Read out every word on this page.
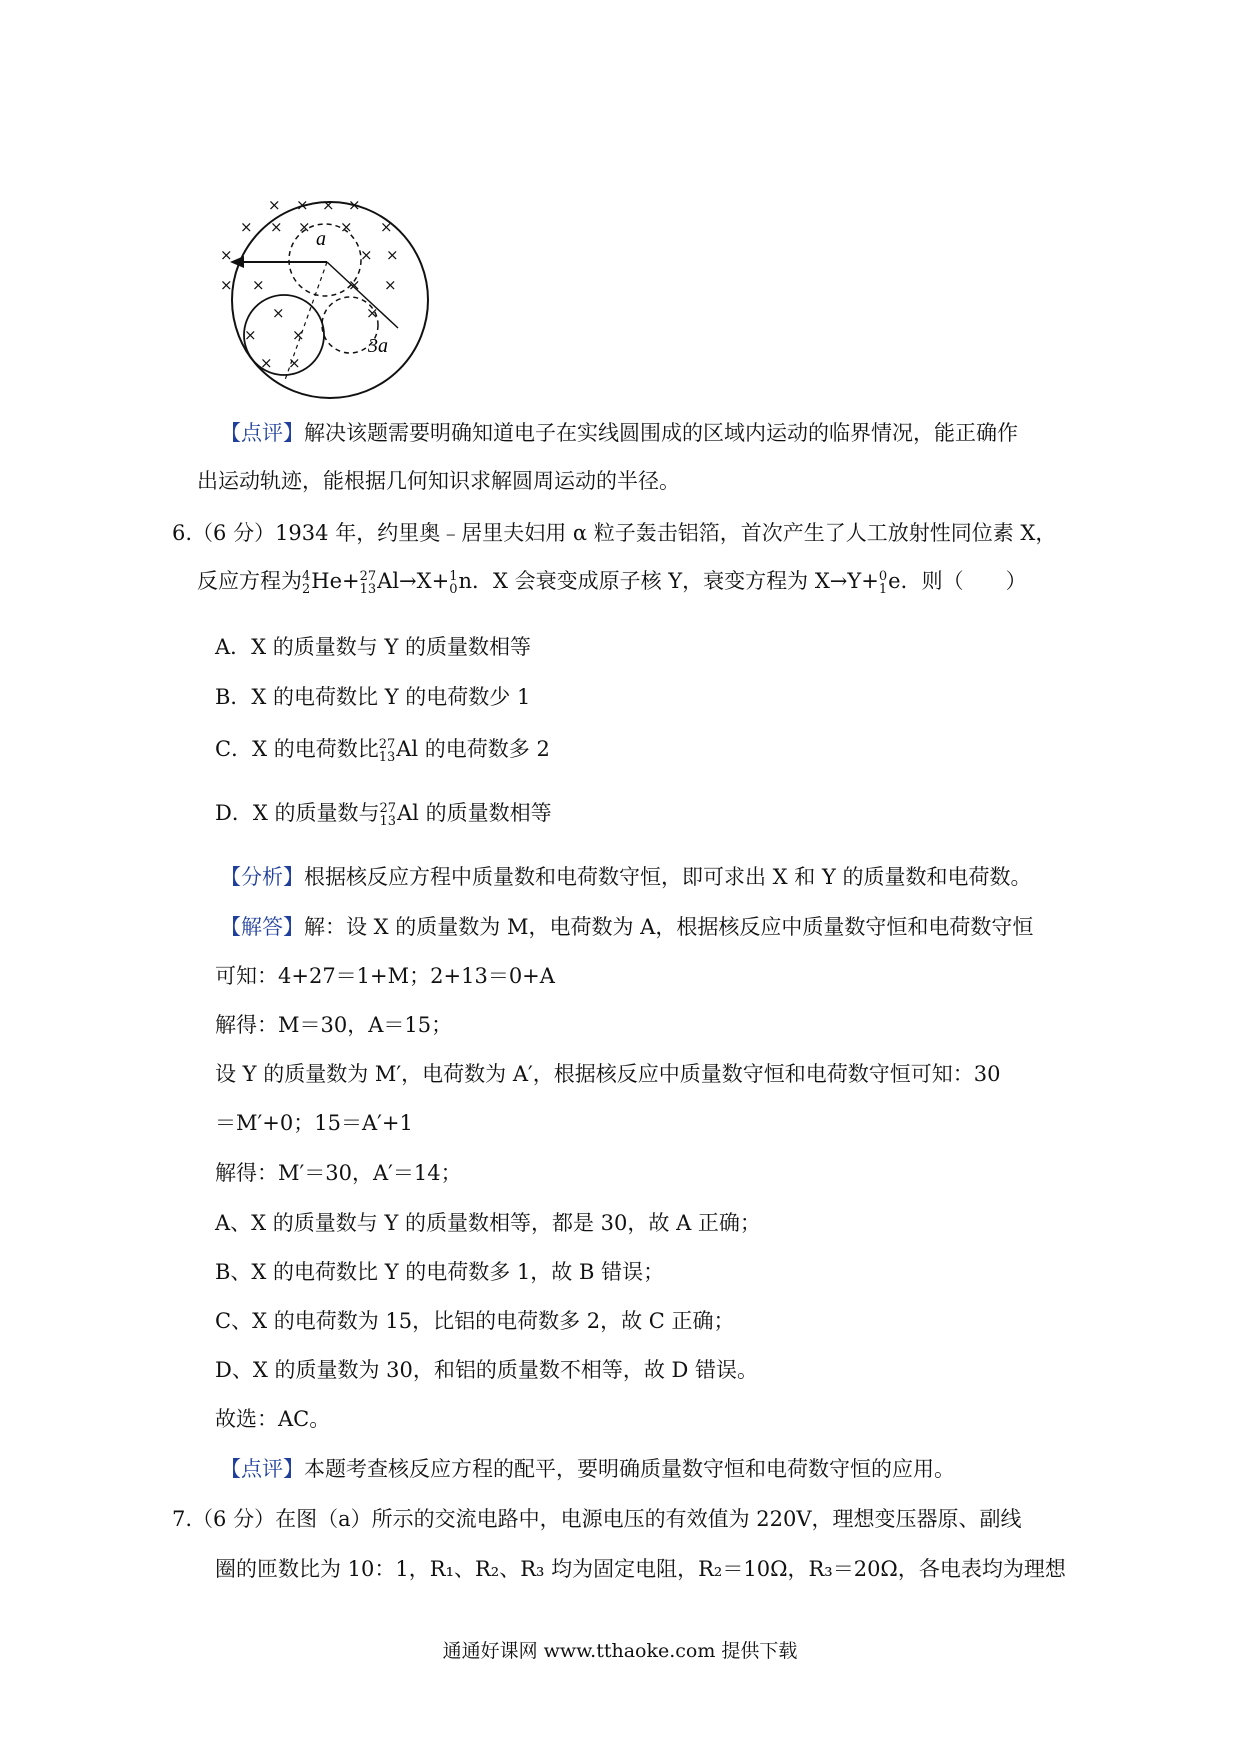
a
3a
× × × ×
× × × × ×
×	× ×
× ×	× ×
×	×
× ×
× ×
【点评】解决该题需要明确知道电子在实线圆围成的区域内运动的临界情况，能正确作
出运动轨迹，能根据几何知识求解圆周运动的半径。
6.（6 分）1934 年，约里奥﹣居里夫妇用 α 粒子轰击铝箔，首次产生了人工放射性同位素 X，
反应方程为 4
2 He+ 27
13 Al→X+ 1
0 n．X 会衰变成原子核 Y，衰变方程为 X→Y+ 0
1 e．则（　　）
A．X 的质量数与 Y 的质量数相等
B．X 的电荷数比 Y 的电荷数少 1
C．X 的电荷数比 27
13 Al 的电荷数多 2
D．X 的质量数与 27
13 Al 的质量数相等
【分析】根据核反应方程中质量数和电荷数守恒，即可求出 X 和 Y 的质量数和电荷数。
【解答】解：设 X 的质量数为 M，电荷数为 A，根据核反应中质量数守恒和电荷数守恒
可知：4+27＝1+M；2+13＝0+A
解得：M＝30，A＝15；
设 Y 的质量数为 M′，电荷数为 A′，根据核反应中质量数守恒和电荷数守恒可知：30
＝M′+0；15＝A′+1
解得：M′＝30，A′＝14；
A、X 的质量数与 Y 的质量数相等，都是 30，故 A 正确；
B、X 的电荷数比 Y 的电荷数多 1，故 B 错误；
C、X 的电荷数为 15，比铝的电荷数多 2，故 C 正确；
D、X 的质量数为 30，和铝的质量数不相等，故 D 错误。
故选：AC。
【点评】本题考查核反应方程的配平，要明确质量数守恒和电荷数守恒的应用。
7.（6 分）在图（a）所示的交流电路中，电源电压的有效值为 220V，理想变压器原、副线
圈的匝数比为 10：1，R₁、R₂、R₃ 均为固定电阻，R₂＝10Ω，R₃＝20Ω，各电表均为理想
通通好课网 www.tthaoke.com 提供下载
